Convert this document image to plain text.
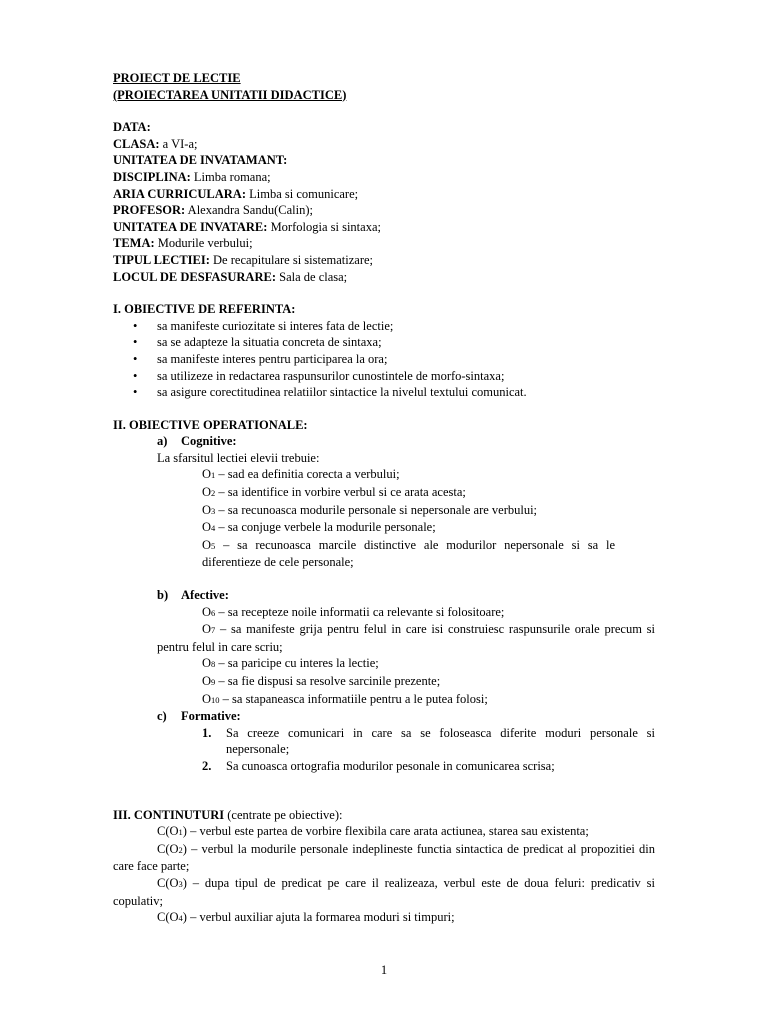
PROIECT DE LECTIE
(PROIECTAREA UNITATII DIDACTICE)
DATA:
CLASA: a VI-a;
UNITATEA DE INVATAMANT:
DISCIPLINA: Limba romana;
ARIA CURRICULARA: Limba si comunicare;
PROFESOR: Alexandra Sandu(Calin);
UNITATEA DE INVATARE: Morfologia si sintaxa;
TEMA: Modurile verbului;
TIPUL LECTIEI: De recapitulare si sistematizare;
LOCUL DE DESFASURARE: Sala de clasa;
I. OBIECTIVE DE REFERINTA:
• sa manifeste curiozitate si interes fata de lectie;
• sa se adapteze la situatia concreta de sintaxa;
• sa manifeste interes pentru participarea la ora;
• sa utilizeze in redactarea raspunsurilor cunostintele de morfo-sintaxa;
• sa asigure corectitudinea relatiilor sintactice la nivelul textului comunicat.
II. OBIECTIVE OPERATIONALE:
a) Cognitive:
La sfarsitul lectiei elevii trebuie:
O1 – sad ea definitia corecta a verbului;
O2 – sa identifice in vorbire verbul si ce arata acesta;
O3 – sa recunoasca modurile personale si nepersonale are verbului;
O4 – sa conjuge verbele la modurile personale;
O5 – sa recunoasca marcile distinctive ale modurilor nepersonale si sa le diferentieze de cele personale;
b) Afective:
O6 – sa recepteze noile informatii ca relevante si folositoare;
O7 – sa manifeste grija pentru felul in care isi construiesc raspunsurile orale precum si pentru felul in care scriu;
O8 – sa paricipe cu interes la lectie;
O9 – sa fie dispusi sa resolve sarcinile prezente;
O10 – sa stapaneasca informatiile pentru a le putea folosi;
c) Formative:
1. Sa creeze comunicari in care sa se foloseasca diferite moduri personale si nepersonale;
2. Sa cunoasca ortografia modurilor pesonale in comunicarea scrisa;
III. CONTINUTURI (centrate pe obiective):
C(O1) – verbul este partea de vorbire flexibila care arata actiunea, starea sau existenta;
C(O2) – verbul la modurile personale indeplineste functia sintactica de predicat al propozitiei din care face parte;
C(O3) – dupa tipul de predicat pe care il realizeaza, verbul este de doua feluri: predicativ si copulativ;
C(O4) – verbul auxiliar ajuta la formarea moduri si timpuri;
1
